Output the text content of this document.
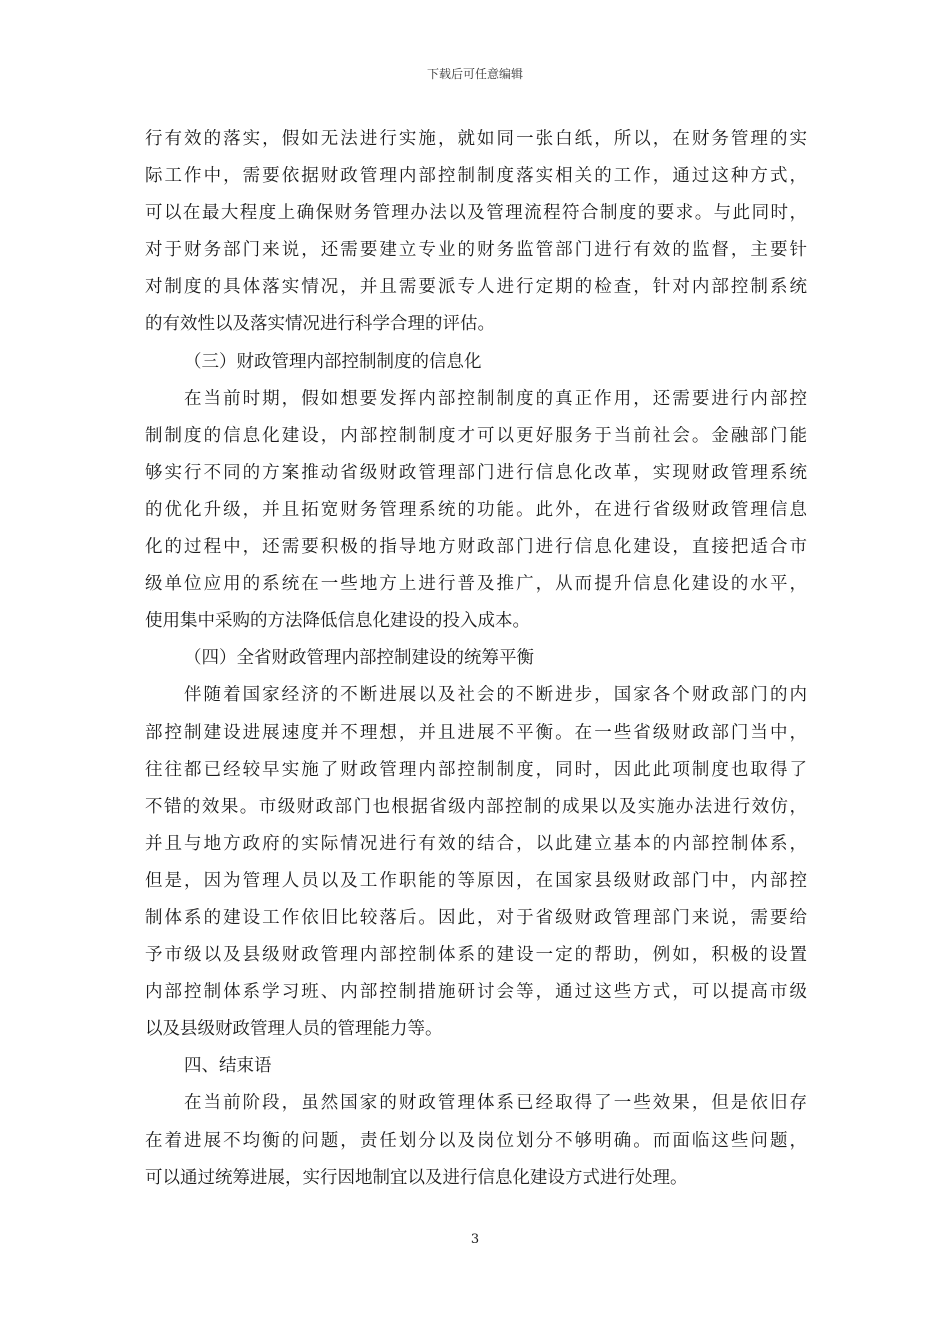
下载后可任意编辑
行有效的落实，假如无法进行实施，就如同一张白纸，所以，在财务管理的实
际工作中，需要依据财政管理内部控制制度落实相关的工作，通过这种方式，
可以在最大程度上确保财务管理办法以及管理流程符合制度的要求。与此同时，
对于财务部门来说，还需要建立专业的财务监管部门进行有效的监督，主要针
对制度的具体落实情况，并且需要派专人进行定期的检查，针对内部控制系统
的有效性以及落实情况进行科学合理的评估。
（三）财政管理内部控制制度的信息化
在当前时期，假如想要发挥内部控制制度的真正作用，还需要进行内部控
制制度的信息化建设，内部控制制度才可以更好服务于当前社会。金融部门能
够实行不同的方案推动省级财政管理部门进行信息化改革，实现财政管理系统
的优化升级，并且拓宽财务管理系统的功能。此外，在进行省级财政管理信息
化的过程中，还需要积极的指导地方财政部门进行信息化建设，直接把适合市
级单位应用的系统在一些地方上进行普及推广，从而提升信息化建设的水平，
使用集中采购的方法降低信息化建设的投入成本。
（四）全省财政管理内部控制建设的统筹平衡
伴随着国家经济的不断进展以及社会的不断进步，国家各个财政部门的内
部控制建设进展速度并不理想，并且进展不平衡。在一些省级财政部门当中，
往往都已经较早实施了财政管理内部控制制度，同时，因此此项制度也取得了
不错的效果。市级财政部门也根据省级内部控制的成果以及实施办法进行效仿，
并且与地方政府的实际情况进行有效的结合，以此建立基本的内部控制体系，
但是，因为管理人员以及工作职能的等原因，在国家县级财政部门中，内部控
制体系的建设工作依旧比较落后。因此，对于省级财政管理部门来说，需要给
予市级以及县级财政管理内部控制体系的建设一定的帮助，例如，积极的设置
内部控制体系学习班、内部控制措施研讨会等，通过这些方式，可以提高市级
以及县级财政管理人员的管理能力等。
四、结束语
在当前阶段，虽然国家的财政管理体系已经取得了一些效果，但是依旧存
在着进展不均衡的问题，责任划分以及岗位划分不够明确。而面临这些问题，
可以通过统筹进展，实行因地制宜以及进行信息化建设方式进行处理。
3
